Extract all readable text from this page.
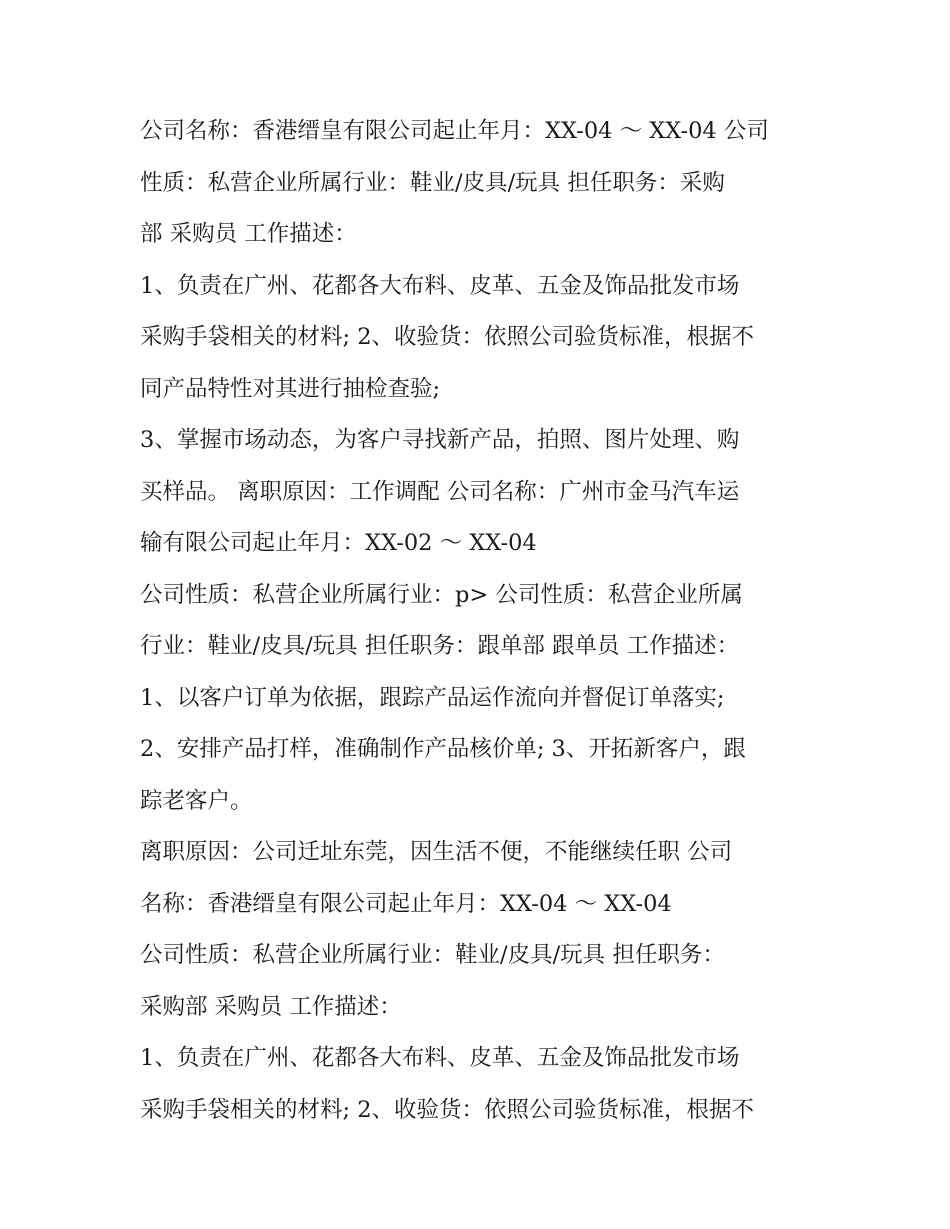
公司名称：香港缙皇有限公司起止年月：XX-04 ～ XX-04 公司
性质：私营企业所属行业：鞋业/皮具/玩具 担任职务：采购
部 采购员 工作描述：
1、负责在广州、花都各大布料、皮革、五金及饰品批发市场
采购手袋相关的材料; 2、收验货：依照公司验货标准，根据不
同产品特性对其进行抽检查验;
3、掌握市场动态，为客户寻找新产品，拍照、图片处理、购
买样品。 离职原因：工作调配 公司名称：广州市金马汽车运
输有限公司起止年月：XX-02 ～ XX-04
公司性质：私营企业所属行业：p> 公司性质：私营企业所属
行业：鞋业/皮具/玩具 担任职务：跟单部 跟单员 工作描述：
1、以客户订单为依据，跟踪产品运作流向并督促订单落实;
2、安排产品打样，准确制作产品核价单; 3、开拓新客户，跟
踪老客户。
离职原因：公司迁址东莞，因生活不便，不能继续任职 公司
名称：香港缙皇有限公司起止年月：XX-04 ～ XX-04
公司性质：私营企业所属行业：鞋业/皮具/玩具 担任职务：
采购部 采购员 工作描述：
1、负责在广州、花都各大布料、皮革、五金及饰品批发市场
采购手袋相关的材料; 2、收验货：依照公司验货标准，根据不
